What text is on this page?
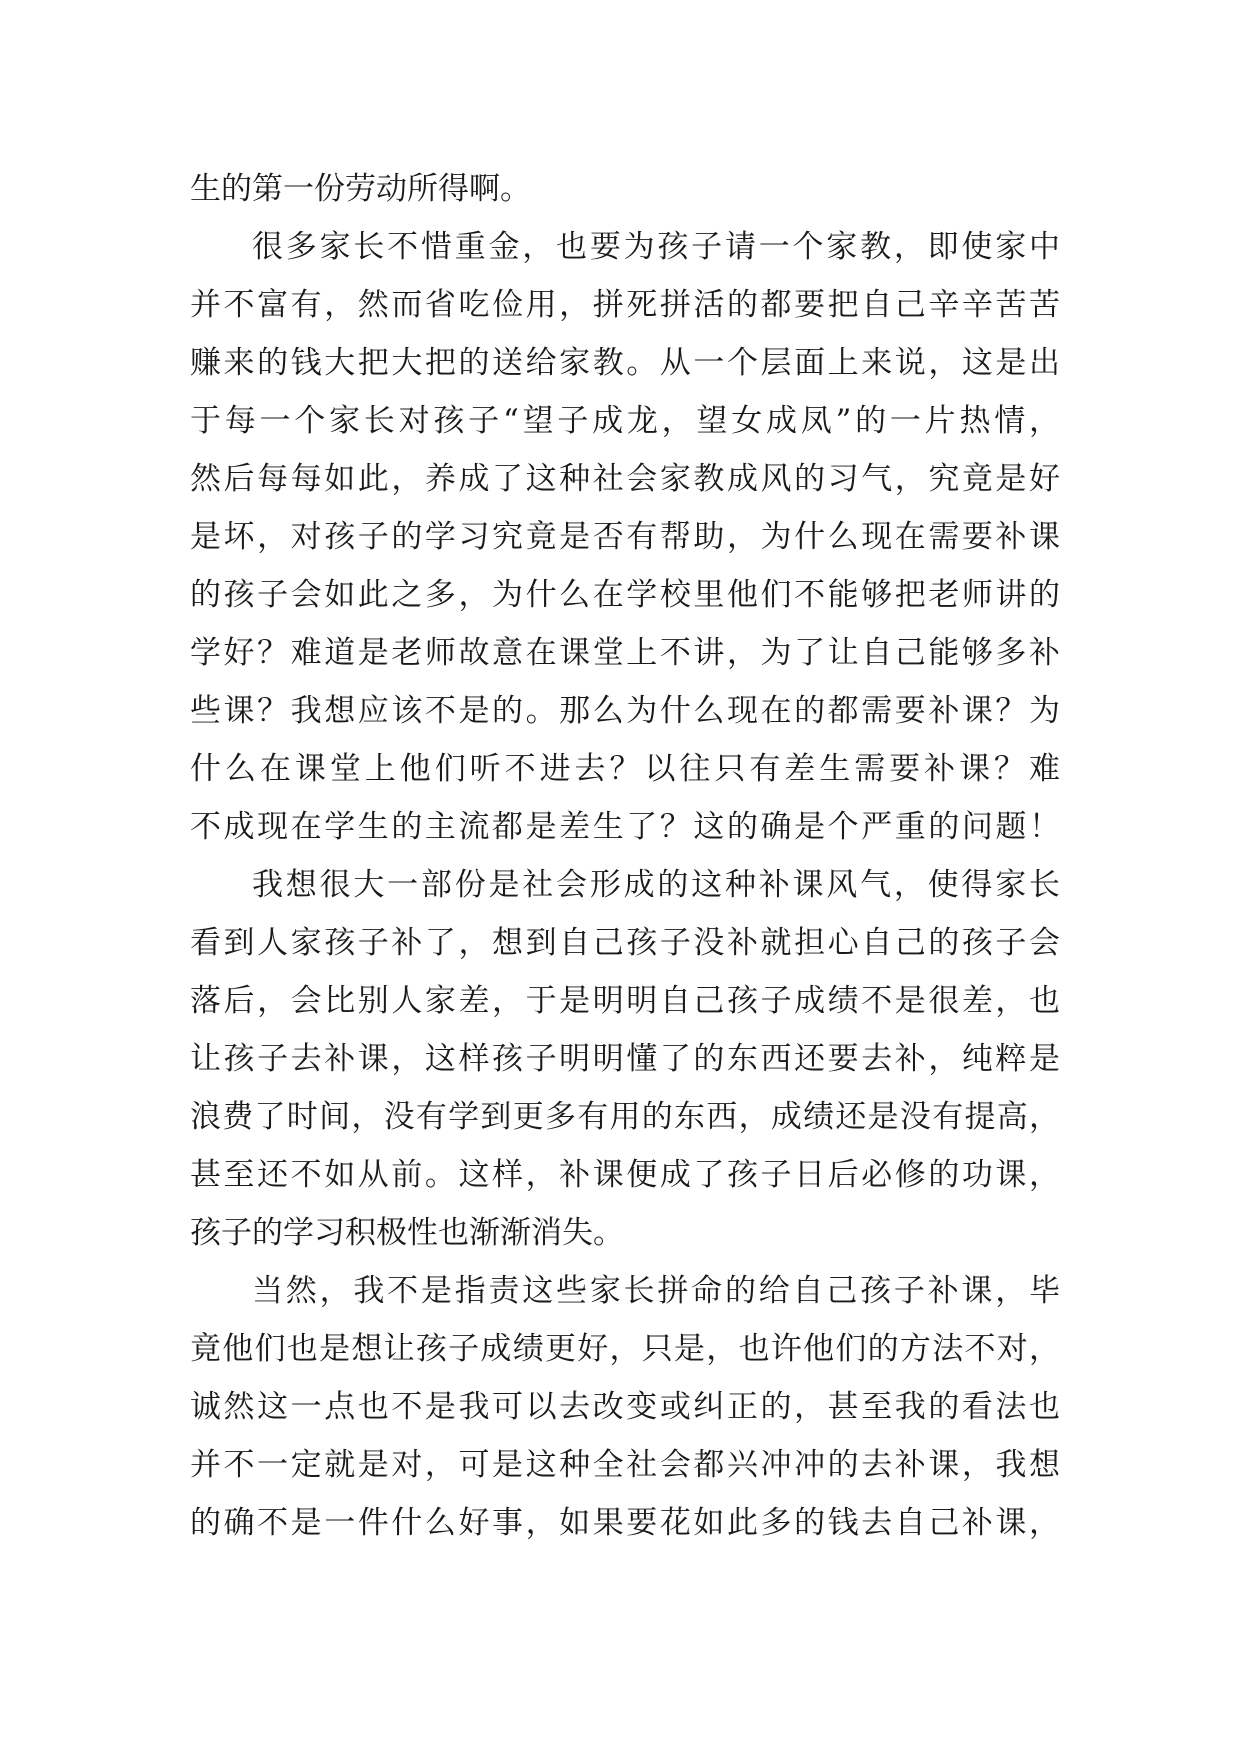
生的第一份劳动所得啊。
很多家长不惜重金，也要为孩子请一个家教，即使家中
并不富有，然而省吃俭用，拼死拼活的都要把自己辛辛苦苦
赚来的钱大把大把的送给家教。从一个层面上来说，这是出
于每一个家长对孩子“望子成龙，望女成凤”的一片热情，
然后每每如此，养成了这种社会家教成风的习气，究竟是好
是坏，对孩子的学习究竟是否有帮助，为什么现在需要补课
的孩子会如此之多，为什么在学校里他们不能够把老师讲的
学好？难道是老师故意在课堂上不讲，为了让自己能够多补
些课？我想应该不是的。那么为什么现在的都需要补课？为
什么在课堂上他们听不进去？以往只有差生需要补课？难
不成现在学生的主流都是差生了？这的确是个严重的问题！
我想很大一部份是社会形成的这种补课风气，使得家长
看到人家孩子补了，想到自己孩子没补就担心自己的孩子会
落后，会比别人家差，于是明明自己孩子成绩不是很差，也
让孩子去补课，这样孩子明明懂了的东西还要去补，纯粹是
浪费了时间，没有学到更多有用的东西，成绩还是没有提高，
甚至还不如从前。这样，补课便成了孩子日后必修的功课，
孩子的学习积极性也渐渐消失。
当然，我不是指责这些家长拼命的给自己孩子补课，毕
竟他们也是想让孩子成绩更好，只是，也许他们的方法不对，
诚然这一点也不是我可以去改变或纠正的，甚至我的看法也
并不一定就是对，可是这种全社会都兴冲冲的去补课，我想
的确不是一件什么好事，如果要花如此多的钱去自己补课，
